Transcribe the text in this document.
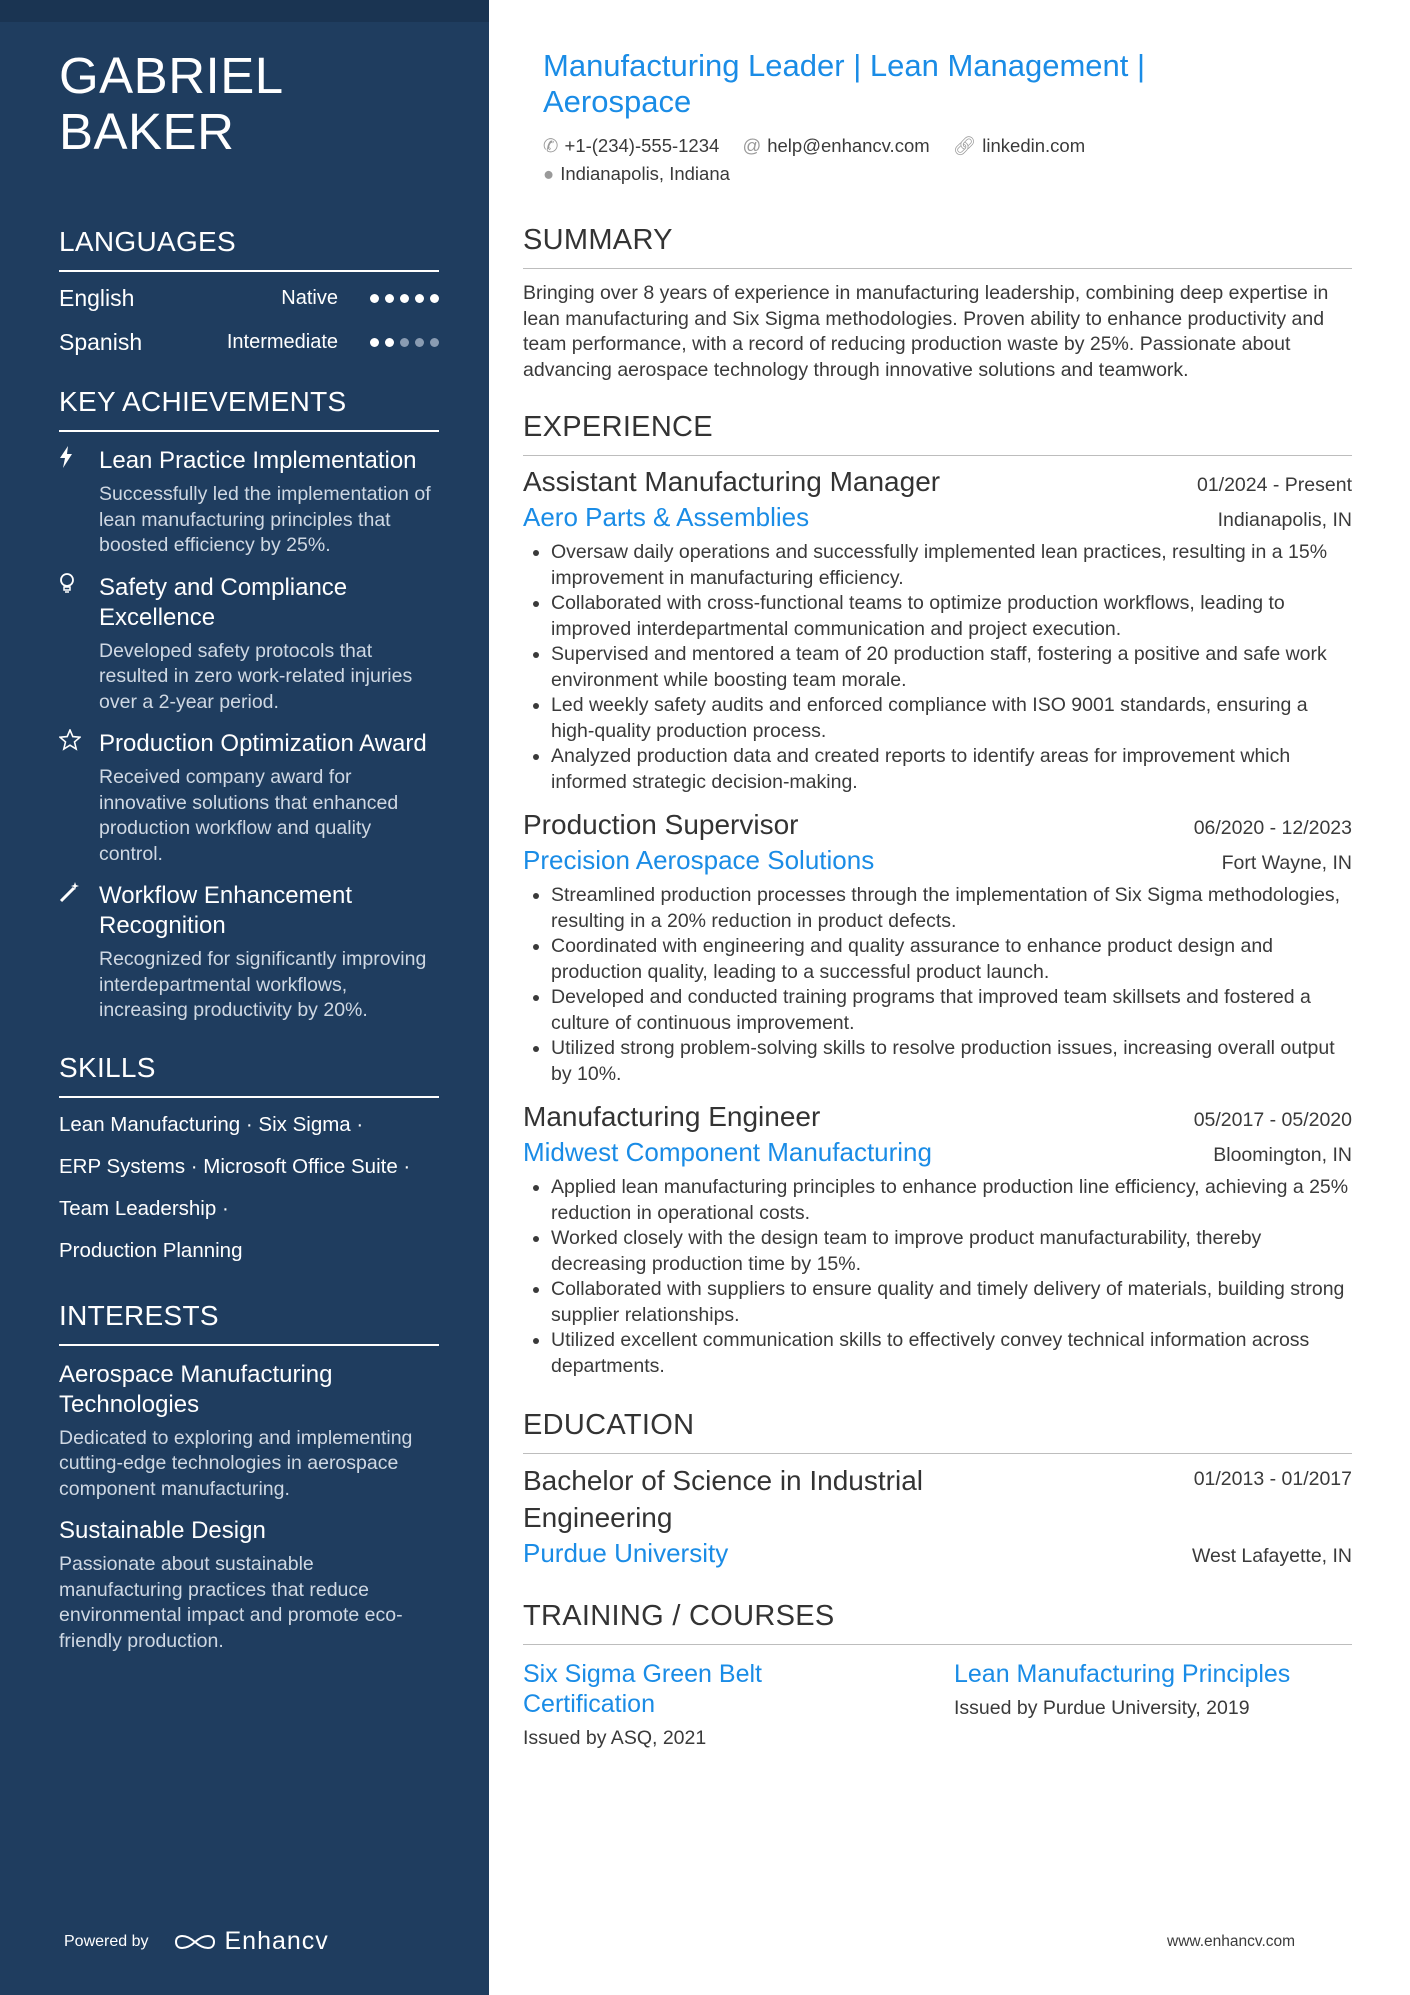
GABRIEL
BAKER
LANGUAGES
English	Native
Spanish	Intermediate
KEY ACHIEVEMENTS
Lean Practice Implementation
Successfully led the implementation of lean manufacturing principles that boosted efficiency by 25%.
Safety and Compliance Excellence
Developed safety protocols that resulted in zero work-related injuries over a 2-year period.
Production Optimization Award
Received company award for innovative solutions that enhanced production workflow and quality control.
Workflow Enhancement Recognition
Recognized for significantly improving interdepartmental workflows, increasing productivity by 20%.
SKILLS
Lean Manufacturing · Six Sigma ·
ERP Systems · Microsoft Office Suite ·
Team Leadership ·
Production Planning
INTERESTS
Aerospace Manufacturing Technologies
Dedicated to exploring and implementing cutting-edge technologies in aerospace component manufacturing.
Sustainable Design
Passionate about sustainable manufacturing practices that reduce environmental impact and promote eco-friendly production.
Powered by	Enhancv
Manufacturing Leader | Lean Management | Aerospace
✆ +1-(234)-555-1234 @ help@enhancv.com 🔗︎ linkedin.com
● Indianapolis, Indiana
SUMMARY
Bringing over 8 years of experience in manufacturing leadership, combining deep expertise in lean manufacturing and Six Sigma methodologies. Proven ability to enhance productivity and team performance, with a record of reducing production waste by 25%. Passionate about advancing aerospace technology through innovative solutions and teamwork.
EXPERIENCE
Assistant Manufacturing Manager	01/2024 - Present
Aero Parts & Assemblies	Indianapolis, IN
• Oversaw daily operations and successfully implemented lean practices, resulting in a 15% improvement in manufacturing efficiency.
• Collaborated with cross-functional teams to optimize production workflows, leading to improved interdepartmental communication and project execution.
• Supervised and mentored a team of 20 production staff, fostering a positive and safe work environment while boosting team morale.
• Led weekly safety audits and enforced compliance with ISO 9001 standards, ensuring a high-quality production process.
• Analyzed production data and created reports to identify areas for improvement which informed strategic decision-making.
Production Supervisor	06/2020 - 12/2023
Precision Aerospace Solutions	Fort Wayne, IN
• Streamlined production processes through the implementation of Six Sigma methodologies, resulting in a 20% reduction in product defects.
• Coordinated with engineering and quality assurance to enhance product design and production quality, leading to a successful product launch.
• Developed and conducted training programs that improved team skillsets and fostered a culture of continuous improvement.
• Utilized strong problem-solving skills to resolve production issues, increasing overall output by 10%.
Manufacturing Engineer	05/2017 - 05/2020
Midwest Component Manufacturing	Bloomington, IN
• Applied lean manufacturing principles to enhance production line efficiency, achieving a 25% reduction in operational costs.
• Worked closely with the design team to improve product manufacturability, thereby decreasing production time by 15%.
• Collaborated with suppliers to ensure quality and timely delivery of materials, building strong supplier relationships.
• Utilized excellent communication skills to effectively convey technical information across departments.
EDUCATION
Bachelor of Science in Industrial Engineering
01/2013 - 01/2017
Purdue University	West Lafayette, IN
TRAINING / COURSES
Six Sigma Green Belt Certification
Issued by ASQ, 2021
Lean Manufacturing Principles
Issued by Purdue University, 2019
www.enhancv.com
